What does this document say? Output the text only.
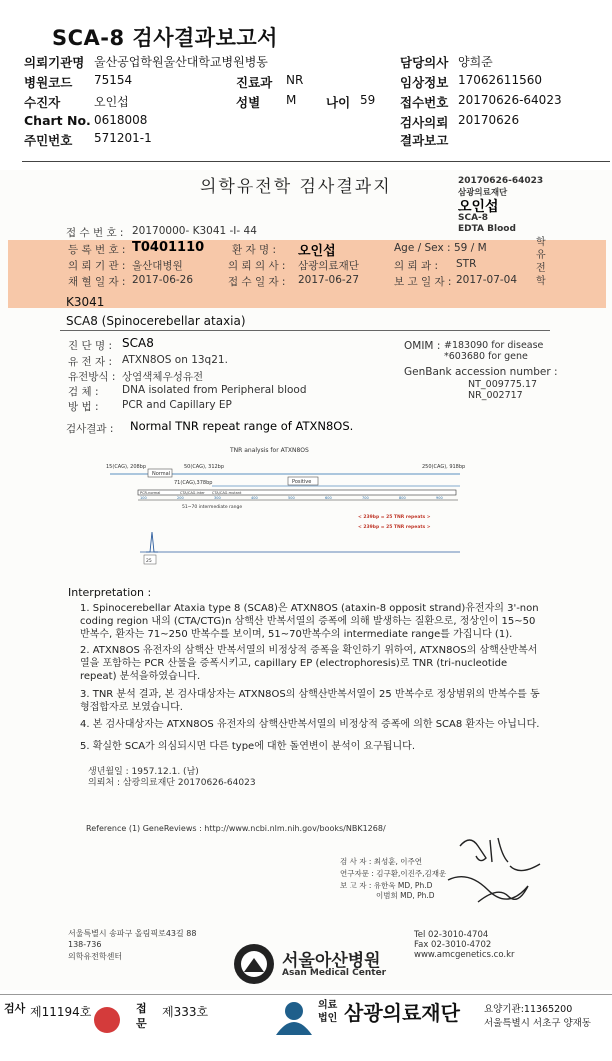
SCA-8 검사결과보고서
의뢰기관명 울산공업학원울산대학교병원병동	담당의사 양희준
병원코드 75154	진료과 NR	임상정보 17062611560
수진자	오인섭	성별 M 나이 59 접수번호 20170626-64023
Chart No. 0618008	검사의뢰 20170626
주민번호 571201-1	결과보고
의학유전학 검사결과지	20170626-64023
삼광의료재단
오인섭
SCA-8
EDTA Blood
접 수 번 호 : 20170000- K3041 -I- 44
등 록 번 호 : T0401110	환 자 명 : 오인섭	Age / Sex : 59 / M	학유전학
의 뢰 기 관 : 울산대병원	의 뢰 의 사 : 삼광의료재단	의 뢰 과 : STR
채 혈 일 자 : 2017-06-26	접 수 일 자 : 2017-06-27	보 고 일 자 : 2017-07-04
K3041
SCA8 (Spinocerebellar ataxia)
진 단 명 : SCA8
유 전 자 : ATXN8OS on 13q21.
유전방식 : 상염색체우성유전
검 체 : DNA isolated from Peripheral blood
방 법 : PCR and Capillary EP
OMIM : #183090 for disease
*603680 for gene
GenBank accession number :
NT_009775.17
NR_002717
검사결과 : Normal TNR repeat range of ATXN8OS.
TNR analysis for ATXN8OS
15(CAG), 208bp
Normal
50(CAG), 312bp
71(CAG),378bp	Positive
250(CAG), 918bp
PCR-normal	CTA/CAG-inter CTA/CAG-mutant
100	200	300	400	500	600	700	800	900
51~70 intermediate range
< 239bp = 25 TNR repeats >
< 239bp = 25 TNR repeats >
25
Interpretation :
1. Spinocerebellar Ataxia type 8 (SCA8)은 ATXN8OS (ataxin-8 opposit strand)유전자의 3'-non coding region 내의 (CTA/CTG)n 삼핵산 반복서열의 증폭에 의해 발생하는 질환으로, 정상인이 15~50 반복수, 환자는 71~250 반복수를 보이며, 51~70반복수의 intermediate range를 가집니다 (1).
2. ATXN8OS 유전자의 삼핵산 반복서열의 비정상적 증폭을 확인하기 위하여, ATXN8OS의 삼핵산반복서열을 포함하는 PCR 산물을 증폭시키고, capillary EP (electrophoresis)로 TNR (tri-nucleotide repeat) 분석을하였습니다.
3. TNR 분석 결과, 본 검사대상자는 ATXN8OS의 삼핵산반복서열이 25 반복수로 정상범위의 반복수를 동형접합자로 보였습니다.
4. 본 검사대상자는 ATXN8OS 유전자의 삼핵산반복서열의 비정상적 증폭에 의한 SCA8 환자는 아닙니다.
5. 확실한 SCA가 의심되시면 다른 type에 대한 돌연변이 분석이 요구됩니다.
생년월일 : 1957.12.1. (남)
의뢰처 : 삼광의료재단 20170626-64023
Reference (1) GeneReviews : http://www.ncbi.nlm.nih.gov/books/NBK1268/
검 사 자 : 최성훈, 이주연
연구자문 : 김구환,이진주,김재운
보 고 자 : 유한욱 MD, Ph.D
이범희 MD, Ph.D
서울특별시 송파구 올림픽로43길 88
138-736
의학유전학센터	서울아산병원
Asan Medical Center
Tel 02-3010-4704
Fax 02-3010-4702
www.amcgenetics.co.kr
검사 제11194호	접문
제333호	의료법인 삼광의료재단	요양기관:11365200
서울특별시 서초구 양재동
